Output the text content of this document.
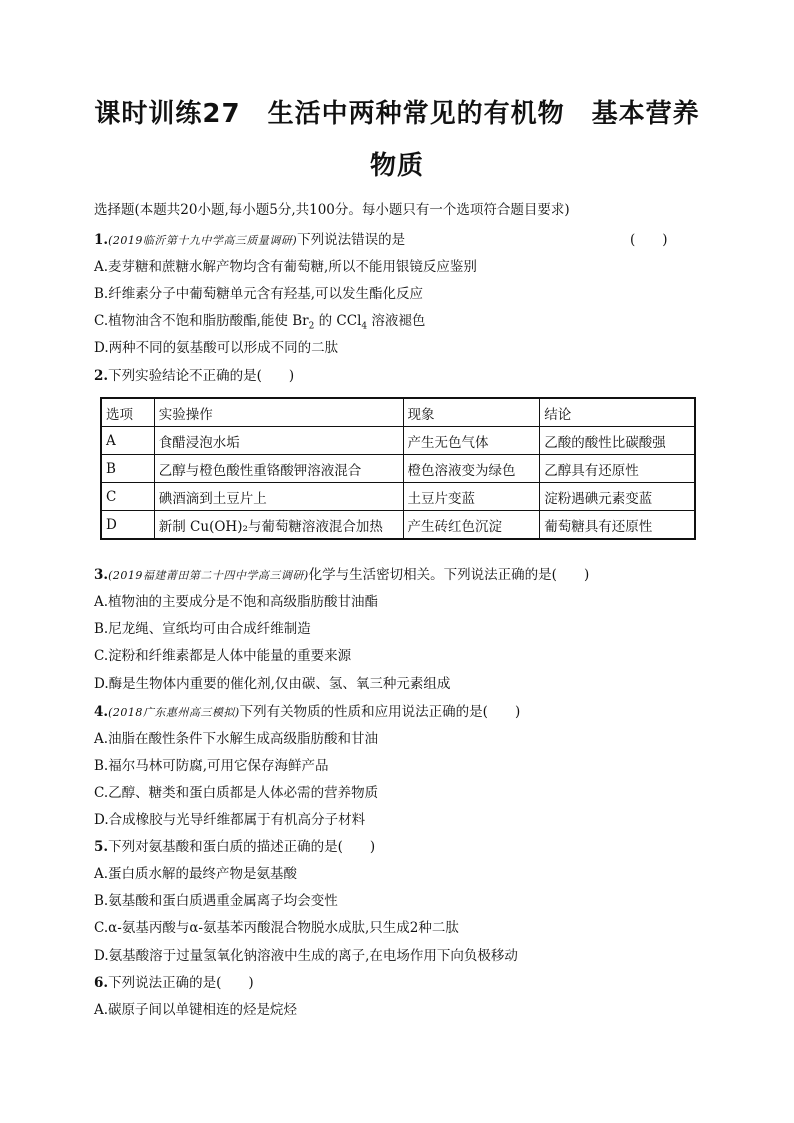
课时训练27　生活中两种常见的有机物　基本营养
物质
选择题(本题共20小题,每小题5分,共100分。每小题只有一个选项符合题目要求)
1.(2019临沂第十九中学高三质量调研)下列说法错误的是	(　　)
A.麦芽糖和蔗糖水解产物均含有葡萄糖,所以不能用银镜反应鉴别
B.纤维素分子中葡萄糖单元含有羟基,可以发生酯化反应
C.植物油含不饱和脂肪酸酯,能使 $Br_2$ 的 CCl$_4$ 溶液褪色
D.两种不同的氨基酸可以形成不同的二肽
2.下列实验结论不正确的是(　　)
选项	实验操作	现象	结论
A	食醋浸泡水垢	产生无色气体	乙酸的酸性比碳酸强
B	乙醇与橙色酸性重铬酸钾溶液混合	橙色溶液变为绿色	乙醇具有还原性
C	碘酒滴到土豆片上	土豆片变蓝	淀粉遇碘元素变蓝
D	新制 Cu(OH)₂与葡萄糖溶液混合加热	产生砖红色沉淀	葡萄糖具有还原性
3.(2019福建莆田第二十四中学高三调研)化学与生活密切相关。下列说法正确的是(　　)
A.植物油的主要成分是不饱和高级脂肪酸甘油酯
B.尼龙绳、宣纸均可由合成纤维制造
C.淀粉和纤维素都是人体中能量的重要来源
D.酶是生物体内重要的催化剂,仅由碳、氢、氧三种元素组成
4.(2018广东惠州高三模拟)下列有关物质的性质和应用说法正确的是(　　)
A.油脂在酸性条件下水解生成高级脂肪酸和甘油
B.福尔马林可防腐,可用它保存海鲜产品
C.乙醇、糖类和蛋白质都是人体必需的营养物质
D.合成橡胶与光导纤维都属于有机高分子材料
5.下列对氨基酸和蛋白质的描述正确的是(　　)
A.蛋白质水解的最终产物是氨基酸
B.氨基酸和蛋白质遇重金属离子均会变性
C.α-氨基丙酸与α-氨基苯丙酸混合物脱水成肽,只生成2种二肽
D.氨基酸溶于过量氢氧化钠溶液中生成的离子,在电场作用下向负极移动
6.下列说法正确的是(　　)
A.碳原子间以单键相连的烃是烷烃
